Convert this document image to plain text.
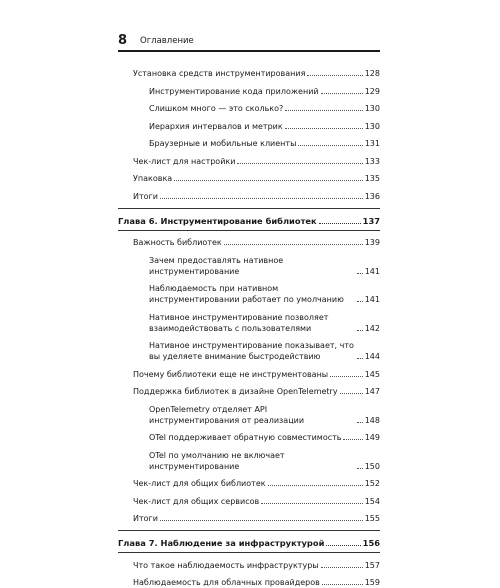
8 Оглавление
Установка средств инструментирования	128
Инструментирование кода приложений	129
Слишком много — это сколько?	130
Иерархия интервалов и метрик	130
Браузерные и мобильные клиенты	131
Чек-лист для настройки	133
Упаковка	135
Итоги	136
Глава 6. Инструментирование библиотек	137
Важность библиотек	139
Зачем предоставлять нативное инструментирование	141
Наблюдаемость при нативном инструментировании работает по умолчанию	141
Нативное инструментирование позволяет взаимодействовать с пользователями	142
Нативное инструментирование показывает, что вы уделяете внимание быстродействию	144
Почему библиотеки еще не инструментованы	145
Поддержка библиотек в дизайне OpenTelemetry	147
OpenTelemetry отделяет API инструментирования от реализации	148
OTel поддерживает обратную совместимость	149
OTel по умолчанию не включает инструментирование	150
Чек-лист для общих библиотек	152
Чек-лист для общих сервисов	154
Итоги	155
Глава 7. Наблюдение за инфраструктурой	156
Что такое наблюдаемость инфраструктуры	157
Наблюдаемость для облачных провайдеров	159
